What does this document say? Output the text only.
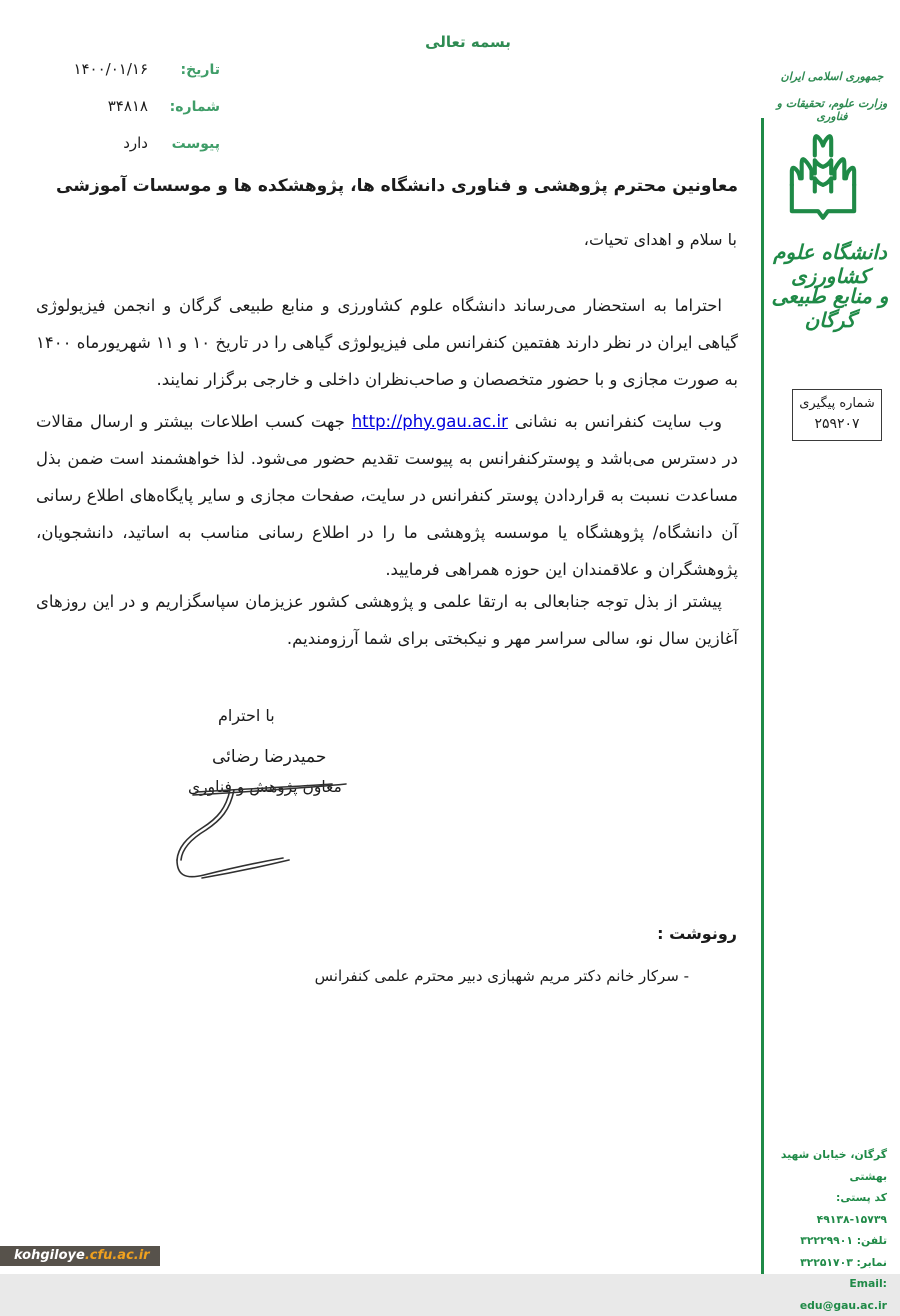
بسمه تعالی
تاریخ:
۱۴۰۰/۰۱/۱۶
شماره:
۳۴۸۱۸
پیوست
دارد
معاونین محترم پژوهشی و فناوری دانشگاه ها، پژوهشکده ها و موسسات آموزشی
با سلام و اهدای تحیات،

احتراما به استحضار می‌رساند دانشگاه علوم کشاورزی و منابع طبیعی گرگان و انجمن فیزیولوژی گیاهی ایران در نظر دارند هفتمین کنفرانس ملی فیزیولوژی گیاهی را در تاریخ ۱۰ و ۱۱ شهریورماه ۱۴۰۰ به صورت مجازی و با حضور متخصصان و صاحب‌نظران داخلی و خارجی برگزار نمایند.

وب سایت کنفرانس به نشانی http://phy.gau.ac.ir جهت کسب اطلاعات بیشتر و ارسال مقالات در دسترس می‌باشد و پوسترکنفرانس به پیوست تقدیم حضور می‌شود. لذا خواهشمند است ضمن بذل مساعدت نسبت به قراردادن پوستر کنفرانس در سایت، صفحات مجازی و سایر پایگاه‌های اطلاع رسانی آن دانشگاه/ پژوهشگاه یا موسسه پژوهشی ما را در اطلاع رسانی مناسب به اساتید، دانشجویان، پژوهشگران و علاقمندان این حوزه همراهی فرمایید.

پیشتر از بذل توجه جنابعالی به ارتقا علمی و پژوهشی کشور عزیزمان سپاسگزاریم و در این روزهای آغازین سال نو، سالی سراسر مهر و نیکبختی برای شما آرزومندیم.

با احترام
حمیدرضا رضائی
معاون پژوهش و فناوری
رونوشت :
- سرکار خانم دکتر مریم شهبازی دبیر محترم علمی کنفرانس
جمهوری اسلامی ایران
وزارت علوم، تحقیقات و فناوری
دانشگاه علوم کشاورزی
و منابع طبیعی گرگان
شماره پیگیری
۲۵۹۲۰۷
گرگان، خیابان شهید بهشتی
کد پستی: ۱۵۷۳۹-۴۹۱۳۸
تلفن: ۳۲۲۲۹۹۰۱
نمابر: ۳۲۲۵۱۷۰۳
Email: edu@gau.ac.ir
kohgiloye.cfu.ac.ir
